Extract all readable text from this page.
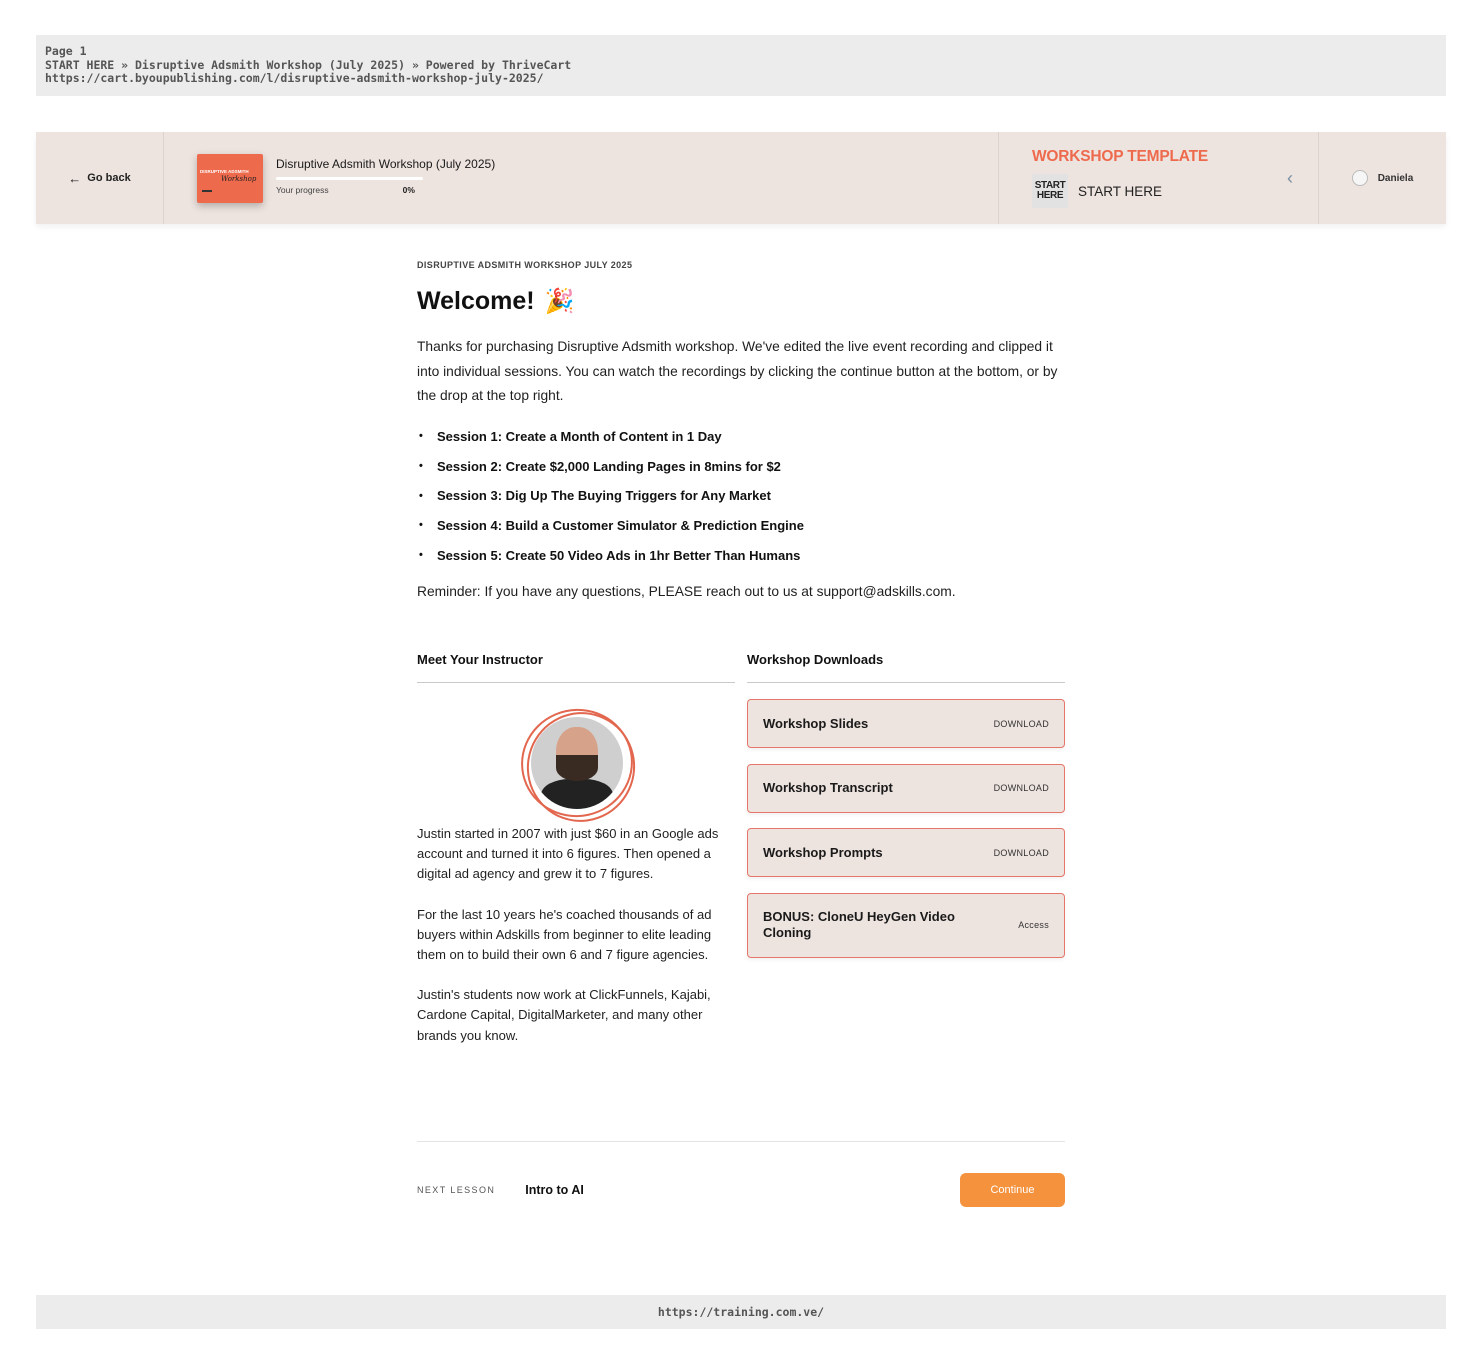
Page 1
START HERE » Disruptive Adsmith Workshop (July 2025) » Powered by ThriveCart
https://cart.byoupublishing.com/l/disruptive-adsmith-workshop-july-2025/
← Go back
DISRUPTIVE ADSMITH
Workshop
Disruptive Adsmith Workshop (July 2025)
Your progress	0%
WORKSHOP TEMPLATE
START
HERE START HERE
‹	Daniela
DISRUPTIVE ADSMITH WORKSHOP JULY 2025
Welcome! 🎉

Thanks for purchasing Disruptive Adsmith workshop. We've edited the live event recording and clipped it into individual sessions. You can watch the recordings by clicking the continue button at the bottom, or by the drop at the top right.

•	Session 1: Create a Month of Content in 1 Day
•	Session 2: Create $2,000 Landing Pages in 8mins for $2
•	Session 3: Dig Up The Buying Triggers for Any Market
•	Session 4: Build a Customer Simulator & Prediction Engine
•	Session 5: Create 50 Video Ads in 1hr Better Than Humans

Reminder: If you have any questions, PLEASE reach out to us at support@adskills.com.

Meet Your Instructor

Justin started in 2007 with just $60 in an Google ads account and turned it into 6 figures. Then opened a digital ad agency and grew it to 7 figures.

For the last 10 years he's coached thousands of ad buyers within Adskills from beginner to elite leading them on to build their own 6 and 7 figure agencies.

Justin's students now work at ClickFunnels, Kajabi, Cardone Capital, DigitalMarketer, and many other brands you know.

Workshop Downloads
Workshop Slides	DOWNLOAD
Workshop Transcript	DOWNLOAD
Workshop Prompts	DOWNLOAD
BONUS: CloneU HeyGen Video Cloning	Access
NEXT LESSON Intro to AI	Continue
https://training.com.ve/
